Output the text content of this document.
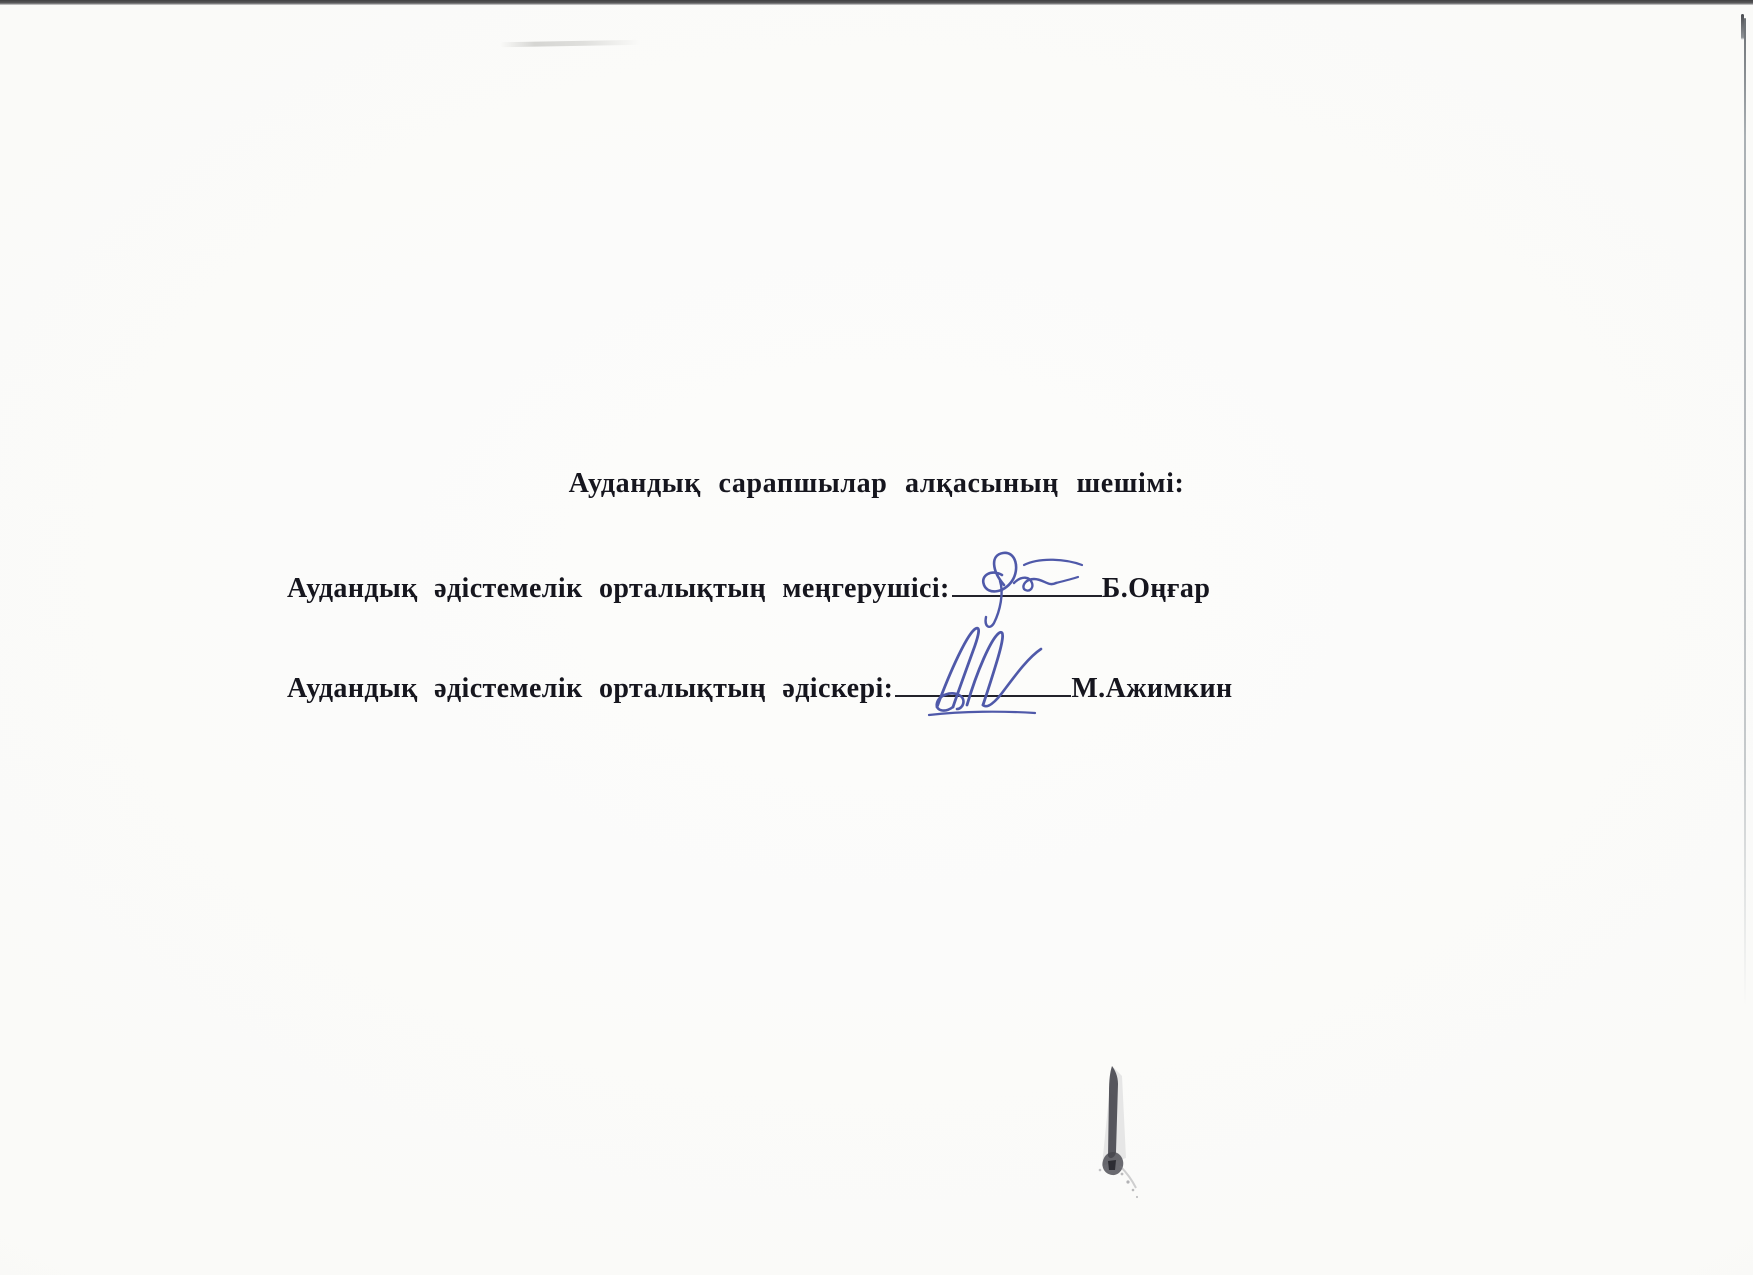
Аудандық сарапшылар алқасының шешімі:
Аудандық әдістемелік орталықтың меңгерушісі:	Б.Оңғар
Аудандық әдістемелік орталықтың әдіскері:	М.Ажимкин
